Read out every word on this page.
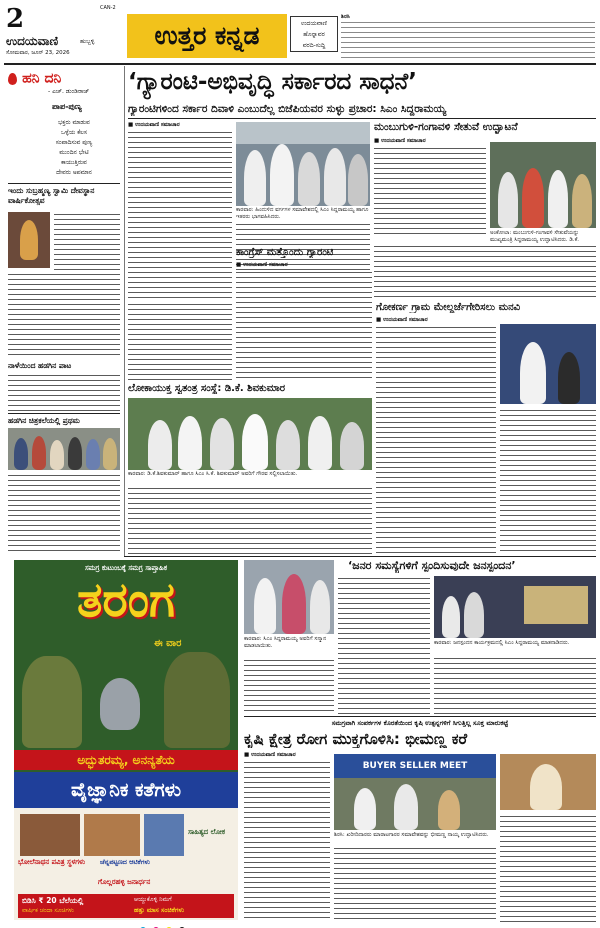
2	CAN-2
ಉದಯವಾಣಿ	ಹುಬ್ಬಳ್ಳಿ
ಸೋಮವಾರ, ಜೂನ್ 23, 2026
ಉತ್ತರ ಕನ್ನಡ	ಉದಯವಾಣಿ
ಹೊನ್ನಾವರ
ವರದಿ-ಸುದ್ದಿ
ಶಿರಸಿ
ಹನಿ ದನಿ
- ಎಚ್. ಡುಂಡಿರಾಜ್
ಪಾಪ-ಪುಣ್ಯ
ಭಕ್ತರು ಮಾಡುವ
ಒಳ್ಳೆಯ ಕೆಲಸ
ಸಂಪಾದಿಸುವ ಪುಣ್ಯ
ಮುಂದಿನ ಭೇಟಿ
ಕಾಯುತ್ತಿರುವ
ದೇವರು ಅಪಮಾನ
ಇಂದು ಸುಬ್ರಹ್ಮಣ್ಯ ಸ್ವಾಮಿ ದೇವಸ್ಥಾನ ವಾರ್ಷಿಕೋತ್ಸವ
ನಾಳೆಯಿಂದ ಹಡಗಿನ ಪಾಟ
ಹಡಗಿನ ಚಿತ್ರಕಲೆಯಲ್ಲಿ ಪ್ರಥಮ
‘ಗ್ಯಾರಂಟಿ-ಅಭಿವೃದ್ಧಿ ಸರ್ಕಾರದ ಸಾಧನೆ’
ಗ್ಯಾರಂಟಿಗಳಿಂದ ಸರ್ಕಾರ ದಿವಾಳಿ ಎಂಬುದೆಲ್ಲ ಬಿಜೆಪಿಯವರ ಸುಳ್ಳು ಪ್ರಚಾರ: ಸಿಎಂ ಸಿದ್ದರಾಮಯ್ಯ
■ ಉದಯವಾಣಿ ಸಮಾಚಾರ
ಕಾರವಾರ: ಹಿಂದುಳಿದ ವರ್ಗಗಳ ಸಮಾವೇಶದಲ್ಲಿ ಸಿಎಂ ಸಿದ್ದರಾಮಯ್ಯ ಹಾಗೂ ಇತರರು ಭಾಗವಹಿಸಿದರು.
ಮಂಬುಗುಳಿ-ಗಂಗಾವಳಿ ಸೇತುವೆ ಉದ್ಘಾಟನೆ
■ ಉದಯವಾಣಿ ಸಮಾಚಾರ
ಅಂಕೋಲಾ: ಮಂಬುಗುಳಿ-ಗಂಗಾವಳಿ ಸೇತುವೆಯನ್ನು ಮುಖ್ಯಮಂತ್ರಿ ಸಿದ್ದರಾಮಯ್ಯ ಉದ್ಘಾಟಿಸಿದರು. ಡಿ.ಕೆ.
ಕಾಂಗ್ರೆಸ್ ಮತ್ತೊಂದು ಗ್ಯಾರಂಟಿ
■ ಉದಯವಾಣಿ ಸಮಾಚಾರ
ಗೋಕರ್ಣ ಗ್ರಾಮ ಮೇಲ್ದರ್ಜೆಗೇರಿಸಲು ಮನವಿ
■ ಉದಯವಾಣಿ ಸಮಾಚಾರ
ಲೋಕಾಯುಕ್ತ ಸ್ವತಂತ್ರ ಸಂಸ್ಥೆ: ಡಿ.ಕೆ. ಶಿವಕುಮಾರ
ಕಾರವಾರ: ಡಿ.ಕೆ.ಶಿವಕುಮಾರ್ ಹಾಗೂ ಸಿಎಂ ಸಿ.ಕೆ. ಶಿವಕುಮಾರ್ ಅವರಿಗೆ ಗೌರವ ಸಲ್ಲಿಸಲಾಯಿತು.
ಸಮಗ್ರ ಕುಟುಂಬಕ್ಕೆ ಸಮಗ್ರ ಸಾಪ್ತಾಹಿಕ
ತರಂಗ
ಈ ವಾರ
ಅದ್ಭುತರಮ್ಯ, ಅನನ್ಯತೆಯ
ವೈಜ್ಞಾನಿಕ ಕತೆಗಳು
ಭೋಲೆನಾಥನ ಪವಿತ್ರ ಸ್ಥಳಗಳು	ಚೆನ್ನಪಟ್ಟಣದ ಆಟಿಕೆಗಳು
ಗೊಲ್ಲರಹಳ್ಳಿ ಜನಾರ್ಧನ
ಸಾಹಿತ್ಯದ ಲೋಕ
ಬಿಡಿಸಿ ₹ 20 ಬೆಲೆಯಲ್ಲಿ
ವಾರ್ಷಿಕ ಚಂದಾ ಸೂಚಿಗಳು
ಆಯ್ದುಕೊಳ್ಳಿ ನಿಮಗೆ
ಹತ್ತು ಮಾಸ ಸಂಚಿಕೆಗಳು
‘ಜನರ ಸಮಸ್ಯೆಗಳಿಗೆ ಸ್ಪಂದಿಸುವುದೇ ಜನಸ್ಪಂದನ’
ಕಾರವಾರ: ಸಿಎಂ ಸಿದ್ದರಾಮಯ್ಯ ಅವರಿಗೆ ಸನ್ಮಾನ ಮಾಡಲಾಯಿತು.	ಕಾರವಾರ: ಜನಸ್ಪಂದನ ಕಾರ್ಯಕ್ರಮದಲ್ಲಿ ಸಿಎಂ ಸಿದ್ದರಾಮಯ್ಯ ಮಾತನಾಡಿದರು.
ಸಮಗ್ರವಾಗಿ ಸಂಪರ್ಕಗಳ ಕೊರತೆಯಿಂದ ಕೃಷಿ ಉತ್ಪನ್ನಗಳಿಗೆ ಸಿಗುತ್ತಿಲ್ಲ ಸೂಕ್ತ ಮಾರುಕಟ್ಟೆ
ಕೃಷಿ ಕ್ಷೇತ್ರ ರೋಗ ಮುಕ್ತಗೊಳಿಸಿ: ಭೀಮಣ್ಣ ಕರೆ
■ ಉದಯವಾಣಿ ಸಮಾಚಾರ
BUYER SELLER MEET
ಶಿರಸಿ: ಖರೀದಿದಾರರು ಮಾರಾಟಗಾರರ ಸಮಾವೇಶವನ್ನು ಭೀಮಣ್ಣ ನಾಯ್ಕ ಉದ್ಘಾಟಿಸಿದರು.
